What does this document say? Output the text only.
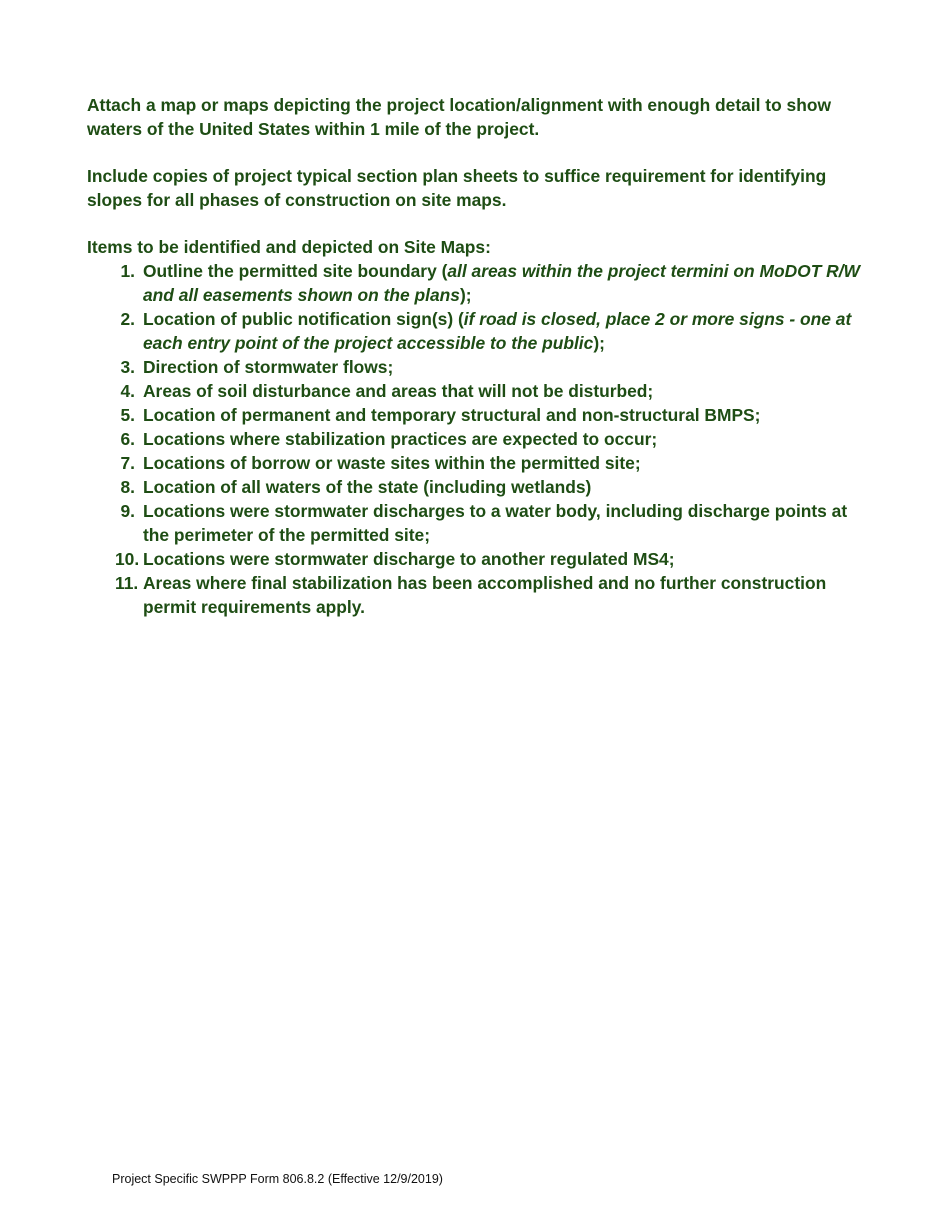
Attach a map or maps depicting the project location/alignment with enough detail to show waters of the United States within 1 mile of the project.

Include copies of project typical section plan sheets to suffice requirement for identifying slopes for all phases of construction on site maps.

Items to be identified and depicted on Site Maps:

1. Outline the permitted site boundary (all areas within the project termini on MoDOT R/W and all easements shown on the plans);
2. Location of public notification sign(s) (if road is closed, place 2 or more signs - one at each entry point of the project accessible to the public);
3. Direction of stormwater flows;
4. Areas of soil disturbance and areas that will not be disturbed;
5. Location of permanent and temporary structural and non-structural BMPS;
6. Locations where stabilization practices are expected to occur;
7. Locations of borrow or waste sites within the permitted site;
8. Location of all waters of the state (including wetlands)
9. Locations were stormwater discharges to a water body, including discharge points at the perimeter of the permitted site;
10. Locations were stormwater discharge to another regulated MS4;
11. Areas where final stabilization has been accomplished and no further construction permit requirements apply.
Project Specific SWPPP Form 806.8.2 (Effective 12/9/2019)
